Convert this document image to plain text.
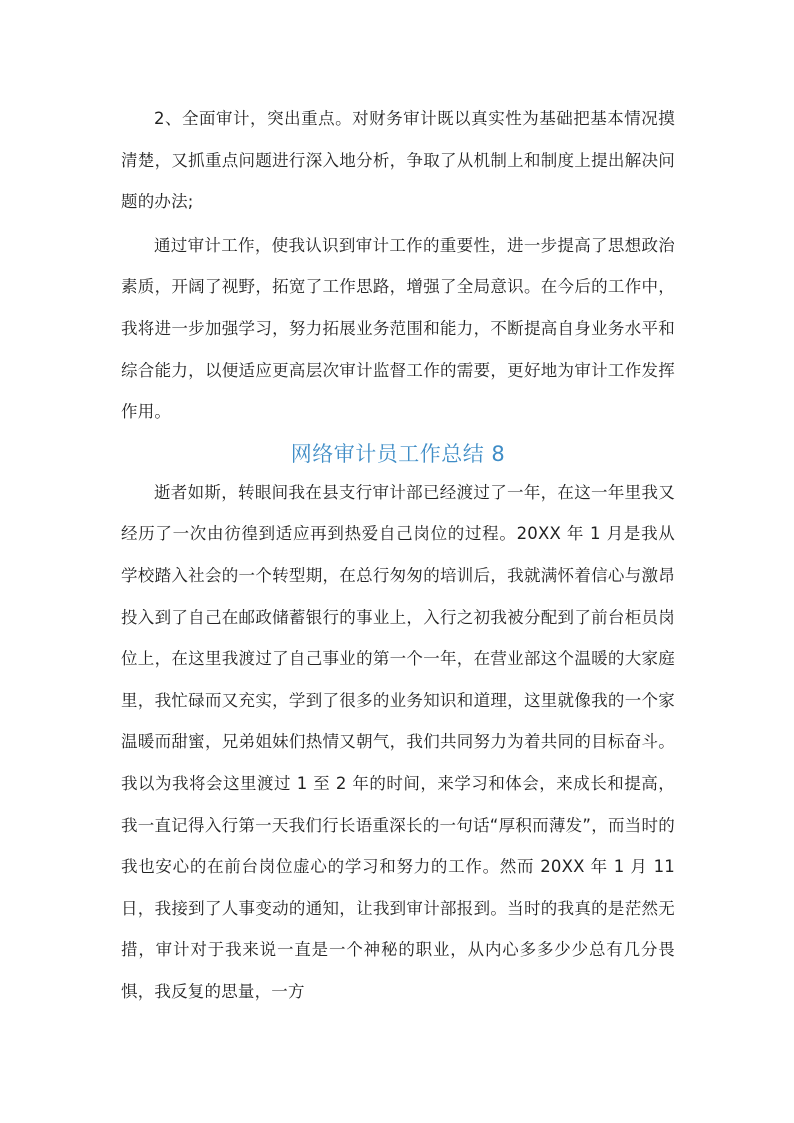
2、全面审计，突出重点。对财务审计既以真实性为基础把基本情况摸清楚，又抓重点问题进行深入地分析，争取了从机制上和制度上提出解决问题的办法;

通过审计工作，使我认识到审计工作的重要性，进一步提高了思想政治素质，开阔了视野，拓宽了工作思路，增强了全局意识。在今后的工作中，我将进一步加强学习，努力拓展业务范围和能力，不断提高自身业务水平和综合能力，以便适应更高层次审计监督工作的需要，更好地为审计工作发挥作用。

网络审计员工作总结 8

逝者如斯，转眼间我在县支行审计部已经渡过了一年，在这一年里我又经历了一次由彷徨到适应再到热爱自己岗位的过程。20XX 年 1 月是我从学校踏入社会的一个转型期，在总行匆匆的培训后，我就满怀着信心与激昂投入到了自己在邮政储蓄银行的事业上，入行之初我被分配到了前台柜员岗位上，在这里我渡过了自己事业的第一个一年，在营业部这个温暖的大家庭里，我忙碌而又充实，学到了很多的业务知识和道理，这里就像我的一个家温暖而甜蜜，兄弟姐妹们热情又朝气，我们共同努力为着共同的目标奋斗。我以为我将会这里渡过 1 至 2 年的时间，来学习和体会，来成长和提高，我一直记得入行第一天我们行长语重深长的一句话“厚积而薄发”，而当时的我也安心的在前台岗位虚心的学习和努力的工作。然而 20XX 年 1 月 11 日，我接到了人事变动的通知，让我到审计部报到。当时的我真的是茫然无措，审计对于我来说一直是一个神秘的职业，从内心多多少少总有几分畏惧，我反复的思量，一方
